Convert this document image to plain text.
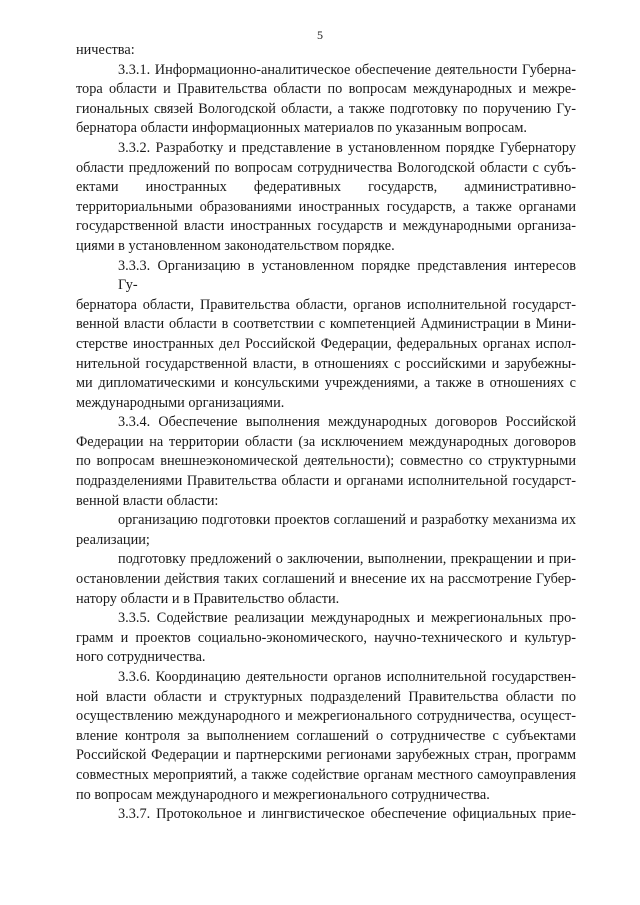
5

ничества:

3.3.1. Информационно-аналитическое обеспечение деятельности Губерна-
тора области и Правительства области по вопросам международных и межре-
гиональных связей Вологодской области, а также подготовку по поручению Гу-
бернатора области информационных материалов по указанным вопросам.

3.3.2. Разработку и представление в установленном порядке Губернатору
области предложений по вопросам сотрудничества Вологодской области с субъ-
ектами иностранных федеративных государств, административно-
территориальными образованиями иностранных государств, а также органами
государственной власти иностранных государств и международными организа-
циями в установленном законодательством порядке.

3.3.3. Организацию в установленном порядке представления интересов Гу-
бернатора области, Правительства области, органов исполнительной государст-
венной власти области в соответствии с компетенцией Администрации в Мини-
стерстве иностранных дел Российской Федерации, федеральных органах испол-
нительной государственной власти, в отношениях с российскими и зарубежны-
ми дипломатическими и консульскими учреждениями, а также в отношениях с
международными организациями.

3.3.4. Обеспечение выполнения международных договоров Российской
Федерации на территории области (за исключением международных договоров
по вопросам внешнеэкономической деятельности); совместно со структурными
подразделениями Правительства области и органами исполнительной государст-
венной власти области:

организацию подготовки проектов соглашений и разработку механизма их
реализации;

подготовку предложений о заключении, выполнении, прекращении и при-
остановлении действия таких соглашений и внесение их на рассмотрение Губер-
натору области и в Правительство области.

3.3.5. Содействие реализации международных и межрегиональных про-
грамм и проектов социально-экономического, научно-технического и культур-
ного сотрудничества.

3.3.6. Координацию деятельности органов исполнительной государствен-
ной власти области и структурных подразделений Правительства области по
осуществлению международного и межрегионального сотрудничества, осущест-
вление контроля за выполнением соглашений о сотрудничестве с субъектами
Российской Федерации и партнерскими регионами зарубежных стран, программ
совместных мероприятий, а также содействие органам местного самоуправления
по вопросам международного и межрегионального сотрудничества.

3.3.7. Протокольное и лингвистическое обеспечение официальных прие-
